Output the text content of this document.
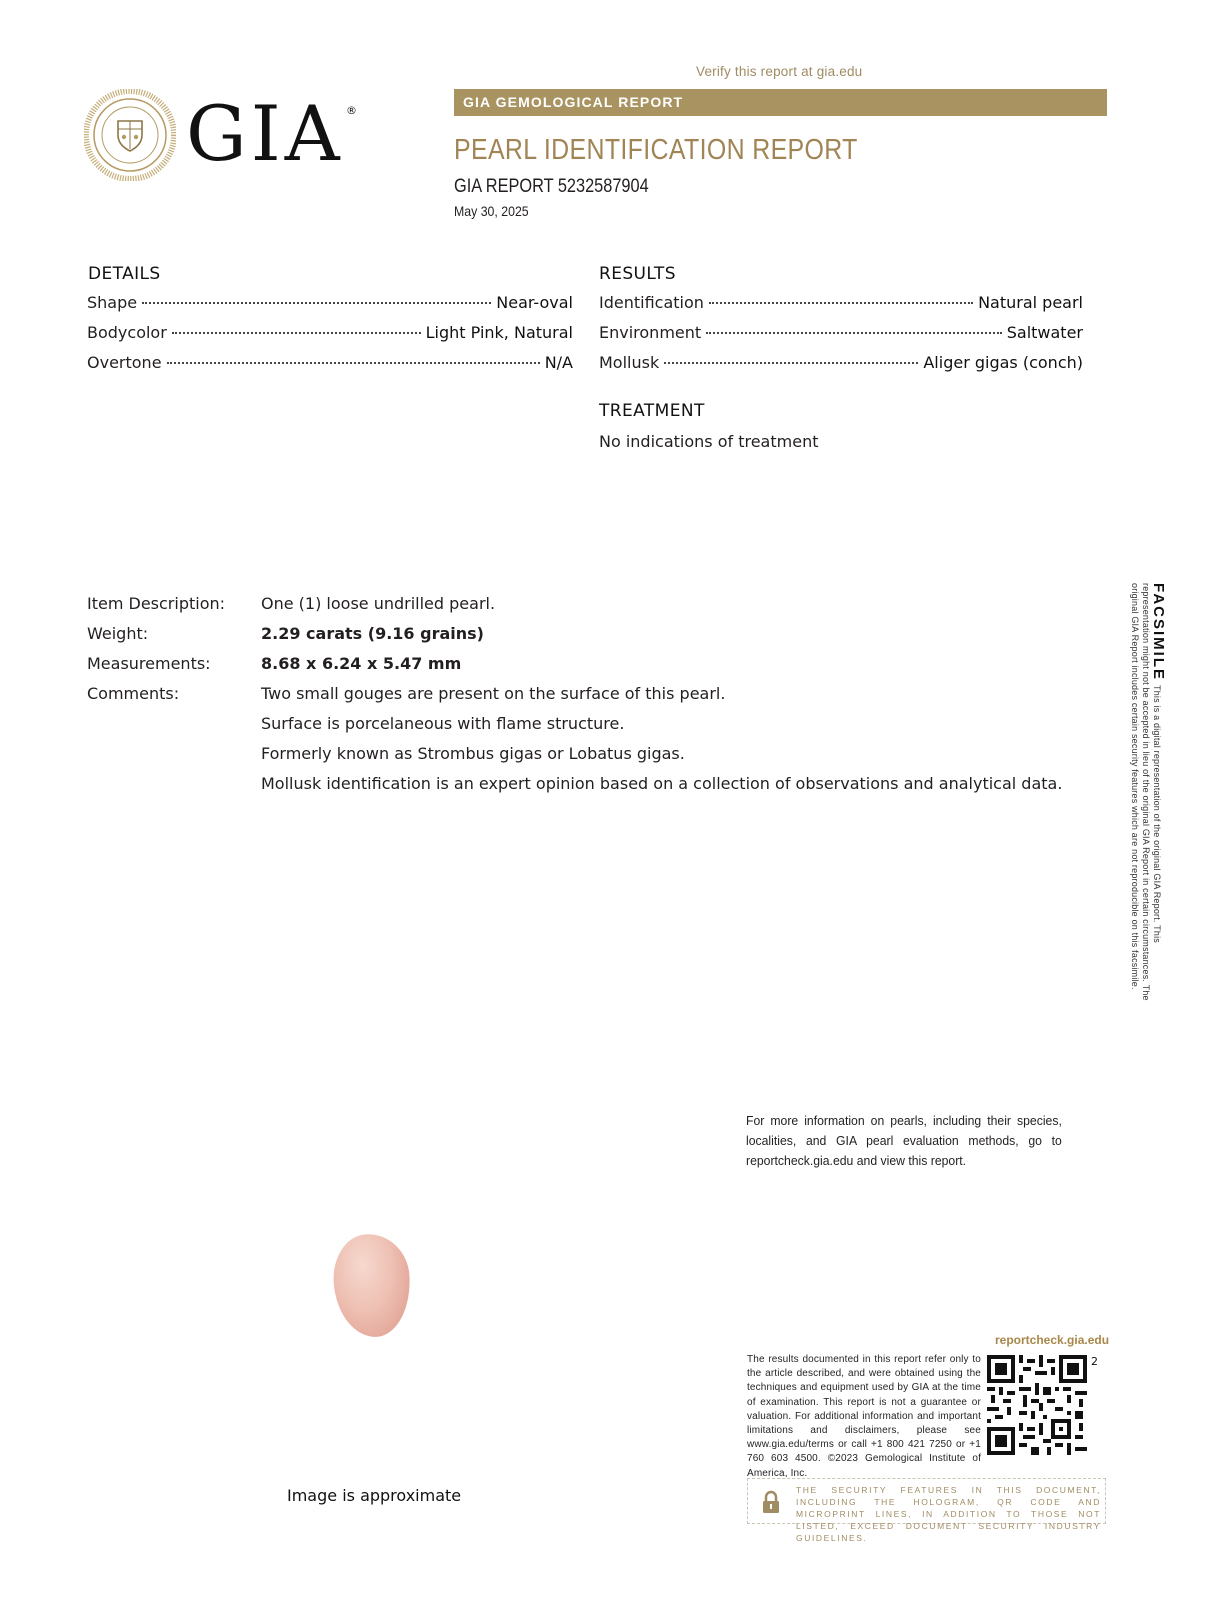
Verify this report at gia.edu
GIA ®
GIA GEMOLOGICAL REPORT
PEARL IDENTIFICATION REPORT
GIA REPORT 5232587904
May 30, 2025
DETAILS
Shape	Near-oval
Bodycolor	Light Pink, Natural
Overtone	N/A
RESULTS
Identification	Natural pearl
Environment	Saltwater
Mollusk	Aliger gigas (conch)
TREATMENT
No indications of treatment
Item Description: One (1) loose undrilled pearl.
Weight:	2.29 carats (9.16 grains)
Measurements:	8.68 x 6.24 x 5.47 mm
Comments:	Two small gouges are present on the surface of this pearl.
Surface is porcelaneous with flame structure.
Formerly known as Strombus gigas or Lobatus gigas.
Mollusk identification is an expert opinion based on a collection of observations and analytical data.
FACSIMILEThis is a digital representation of the original GIA Report. This representation might not be accepted in lieu of the original GIA Report in certain circumstances. The original GIA Report includes certain security features which are not reproducible on this facsimile.
For more information on pearls, including their species, localities, and GIA pearl evaluation methods, go to reportcheck.gia.edu and view this report.
Image is approximate
reportcheck.gia.edu
The results documented in this report refer only to the article described, and were obtained using the techniques and equipment used by GIA at the time of examination. This report is not a guarantee or valuation. For additional information and important limitations and disclaimers, please see www.gia.edu/terms or call +1 800 421 7250 or +1 760 603 4500. ©2023 Gemological Institute of America, Inc.
2
THE SECURITY FEATURES IN THIS DOCUMENT, INCLUDING THE HOLOGRAM, QR CODE AND MICROPRINT LINES, IN ADDITION TO THOSE NOT LISTED, EXCEED DOCUMENT SECURITY INDUSTRY GUIDELINES.
